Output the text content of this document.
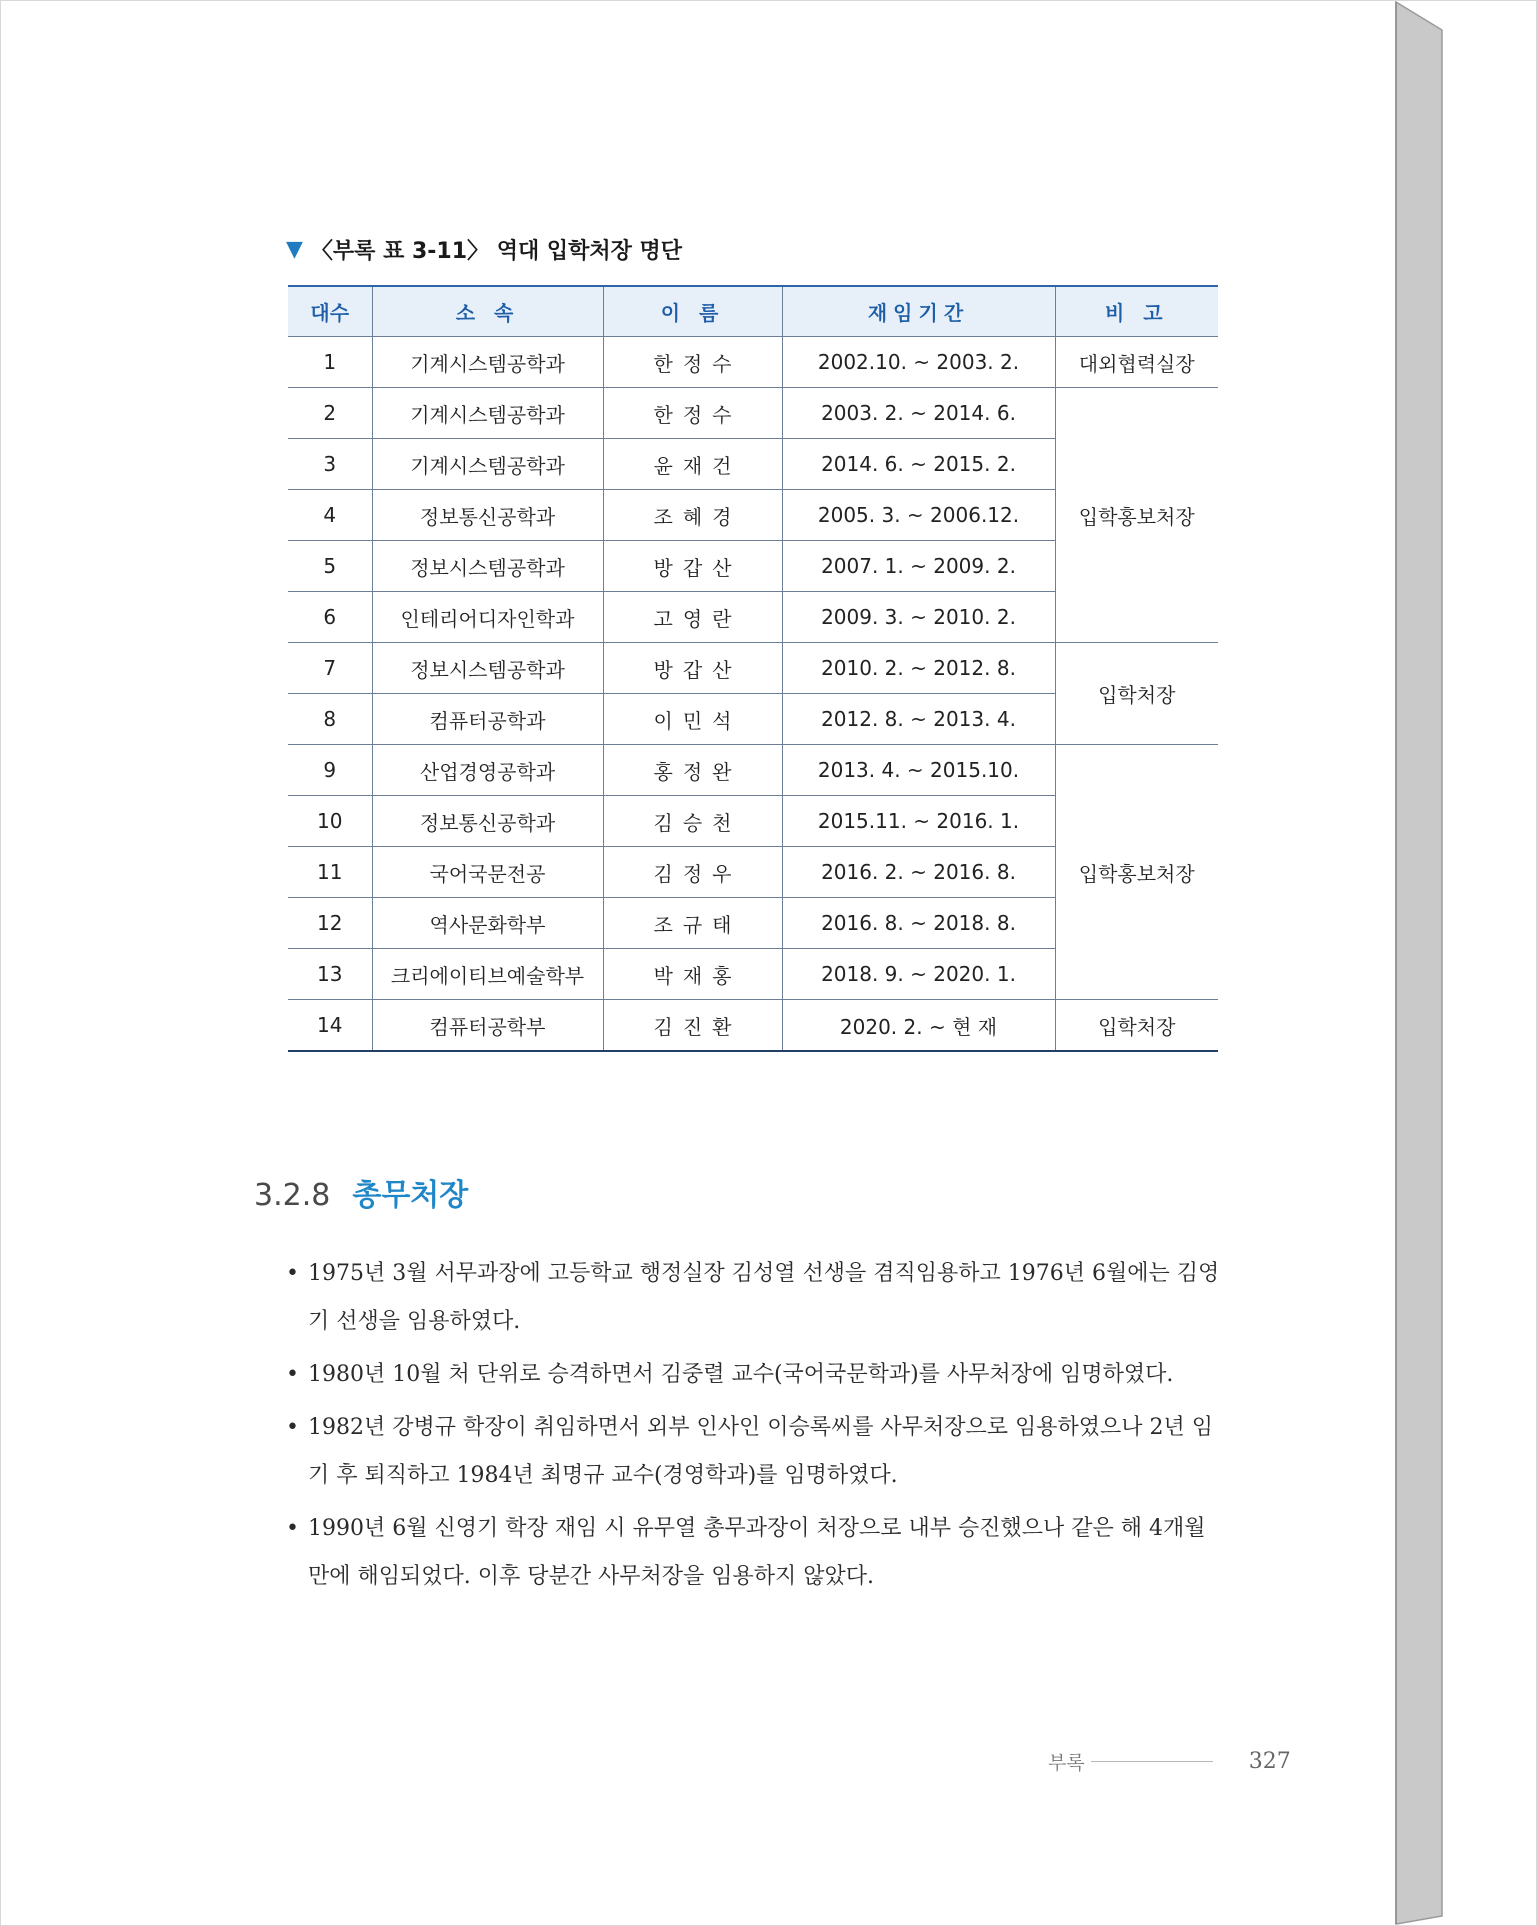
▼ 〈부록 표 3-11〉 역대 입학처장 명단
대수	소 속	이 름	재임기간	비 고
1	기계시스템공학과	한정수	2002.10. ~ 2003. 2.	대외협력실장
2	기계시스템공학과	한정수	2003. 2. ~ 2014. 6.	입학홍보처장
3	기계시스템공학과	윤재건	2014. 6. ~ 2015. 2.	
4	정보통신공학과	조혜경	2005. 3. ~ 2006.12.	
5	정보시스템공학과	방갑산	2007. 1. ~ 2009. 2.	
6	인테리어디자인학과	고영란	2009. 3. ~ 2010. 2.	
7	정보시스템공학과	방갑산	2010. 2. ~ 2012. 8.	입학처장
8	컴퓨터공학과	이민석	2012. 8. ~ 2013. 4.	
9	산업경영공학과	홍정완	2013. 4. ~ 2015.10.	입학홍보처장
10	정보통신공학과	김승천	2015.11. ~ 2016. 1.	
11	국어국문전공	김정우	2016. 2. ~ 2016. 8.	
12	역사문화학부	조규태	2016. 8. ~ 2018. 8.	
13	크리에이티브예술학부	박재홍	2018. 9. ~ 2020. 1.	
14	컴퓨터공학부	김진환	2020. 2. ~ 현 재	입학처장
3.2.8 총무처장
• 1975년 3월 서무과장에 고등학교 행정실장 김성열 선생을 겸직임용하고 1976년 6월에는 김영기 선생을 임용하였다.
• 1980년 10월 처 단위로 승격하면서 김중렬 교수(국어국문학과)를 사무처장에 임명하였다.
• 1982년 강병규 학장이 취임하면서 외부 인사인 이승록씨를 사무처장으로 임용하였으나 2년 임기 후 퇴직하고 1984년 최명규 교수(경영학과)를 임명하였다.
• 1990년 6월 신영기 학장 재임 시 유무열 총무과장이 처장으로 내부 승진했으나 같은 해 4개월 만에 해임되었다. 이후 당분간 사무처장을 임용하지 않았다.
부록	327
